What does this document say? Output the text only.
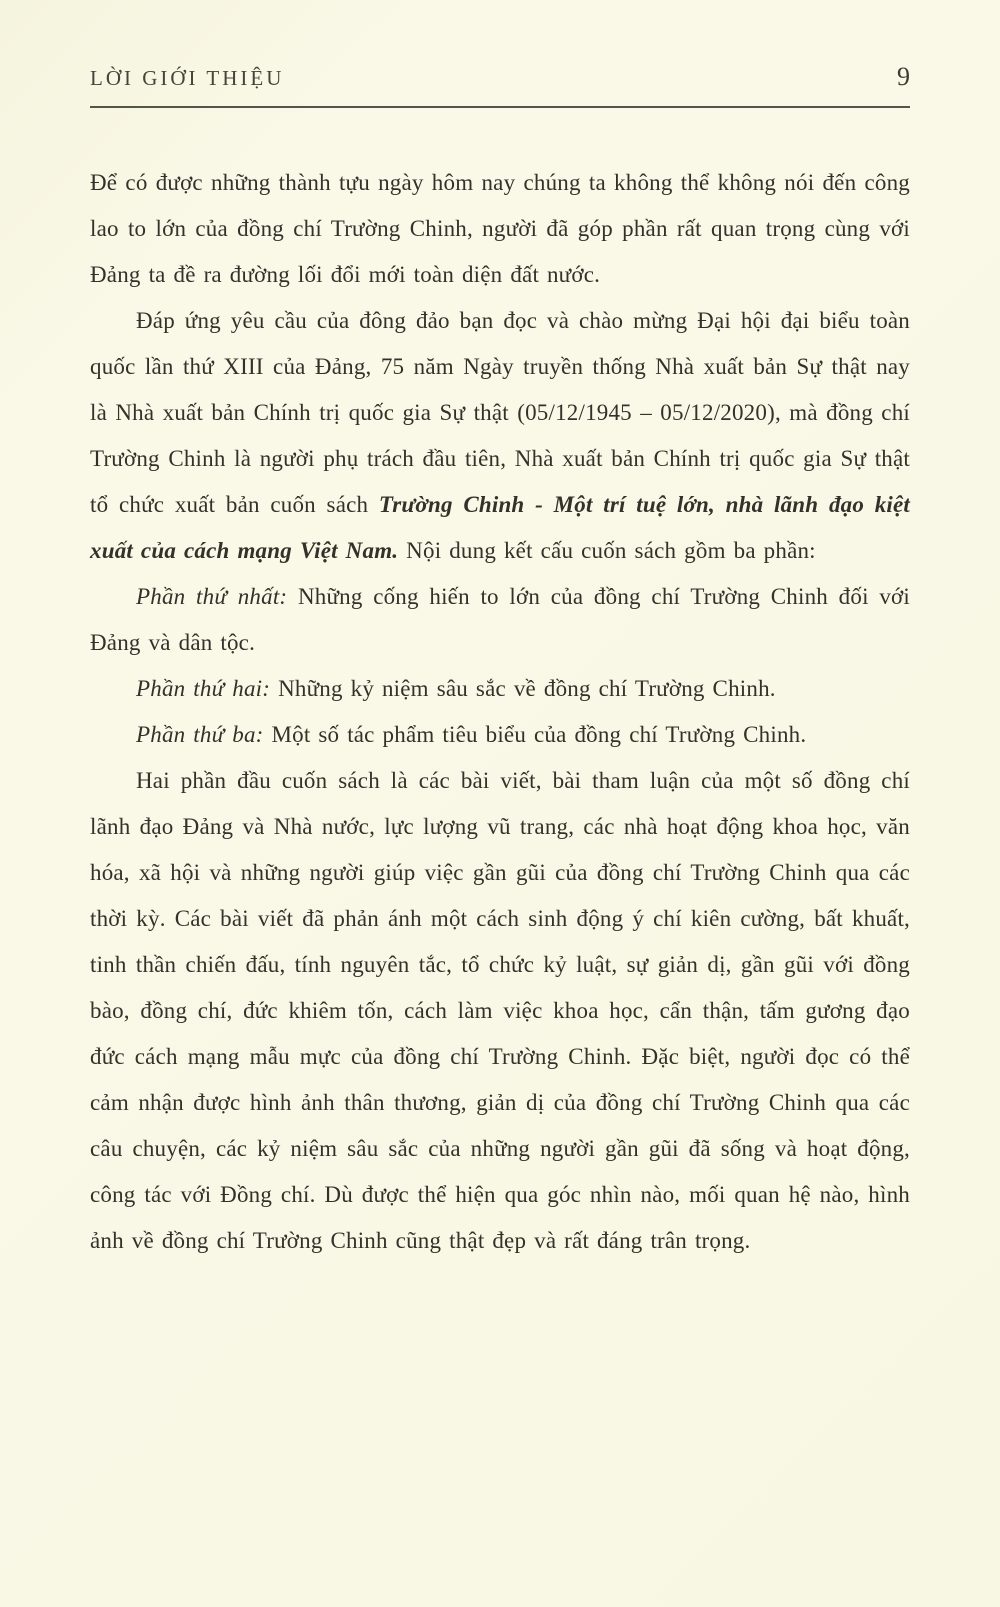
LỜI GIỚI THIỆU	9

Để có được những thành tựu ngày hôm nay chúng ta không thể không nói đến công lao to lớn của đồng chí Trường Chinh, người đã góp phần rất quan trọng cùng với Đảng ta đề ra đường lối đổi mới toàn diện đất nước.

Đáp ứng yêu cầu của đông đảo bạn đọc và chào mừng Đại hội đại biểu toàn quốc lần thứ XIII của Đảng, 75 năm Ngày truyền thống Nhà xuất bản Sự thật nay là Nhà xuất bản Chính trị quốc gia Sự thật (05/12/1945 – 05/12/2020), mà đồng chí Trường Chinh là người phụ trách đầu tiên, Nhà xuất bản Chính trị quốc gia Sự thật tổ chức xuất bản cuốn sách Trường Chinh - Một trí tuệ lớn, nhà lãnh đạo kiệt xuất của cách mạng Việt Nam. Nội dung kết cấu cuốn sách gồm ba phần:

Phần thứ nhất: Những cống hiến to lớn của đồng chí Trường Chinh đối với Đảng và dân tộc.

Phần thứ hai: Những kỷ niệm sâu sắc về đồng chí Trường Chinh.

Phần thứ ba: Một số tác phẩm tiêu biểu của đồng chí Trường Chinh.

Hai phần đầu cuốn sách là các bài viết, bài tham luận của một số đồng chí lãnh đạo Đảng và Nhà nước, lực lượng vũ trang, các nhà hoạt động khoa học, văn hóa, xã hội và những người giúp việc gần gũi của đồng chí Trường Chinh qua các thời kỳ. Các bài viết đã phản ánh một cách sinh động ý chí kiên cường, bất khuất, tinh thần chiến đấu, tính nguyên tắc, tổ chức kỷ luật, sự giản dị, gần gũi với đồng bào, đồng chí, đức khiêm tốn, cách làm việc khoa học, cẩn thận, tấm gương đạo đức cách mạng mẫu mực của đồng chí Trường Chinh. Đặc biệt, người đọc có thể cảm nhận được hình ảnh thân thương, giản dị của đồng chí Trường Chinh qua các câu chuyện, các kỷ niệm sâu sắc của những người gần gũi đã sống và hoạt động, công tác với Đồng chí. Dù được thể hiện qua góc nhìn nào, mối quan hệ nào, hình ảnh về đồng chí Trường Chinh cũng thật đẹp và rất đáng trân trọng.
